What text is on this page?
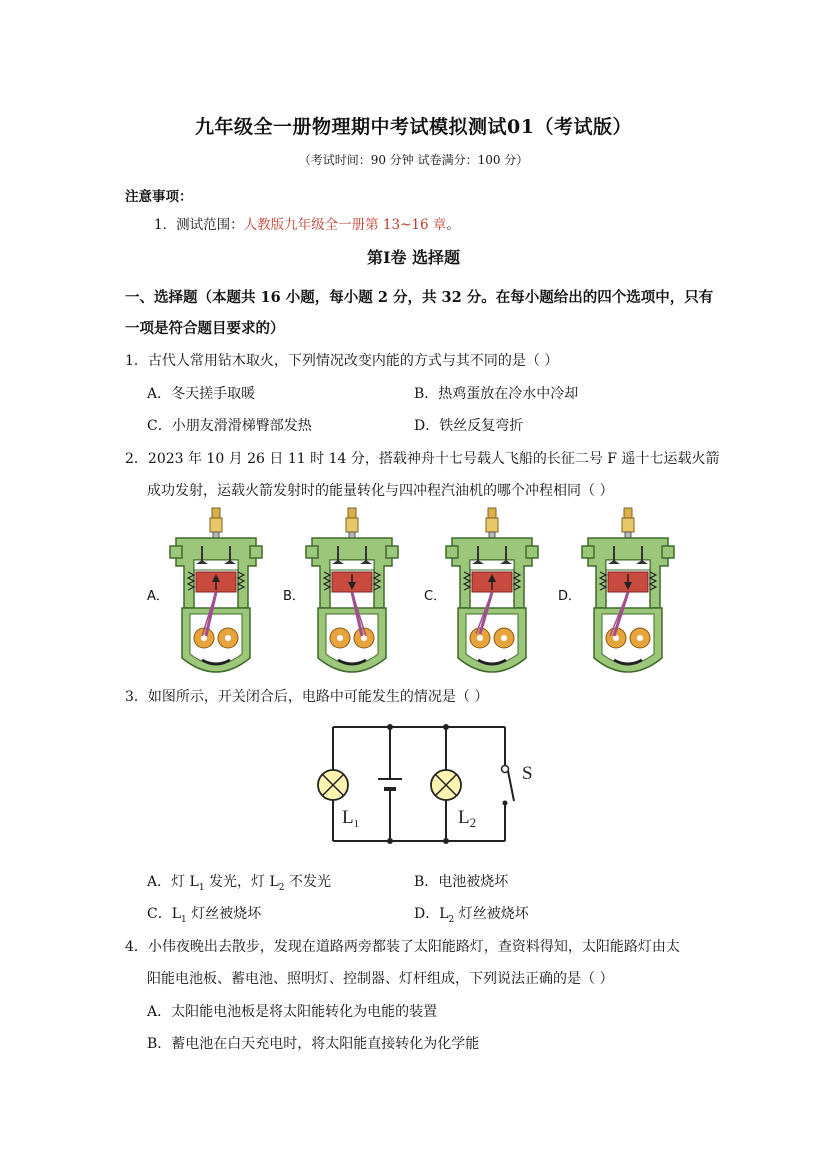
九年级全一册物理期中考试模拟测试01（考试版）
（考试时间：90 分钟 试卷满分：100 分）
注意事项：
1．测试范围：人教版九年级全一册第 13~16 章。
第Ⅰ卷 选择题
一、选择题（本题共 16 小题，每小题 2 分，共 32 分。在每小题给出的四个选项中，只有
一项是符合题目要求的）
1．古代人常用钻木取火，下列情况改变内能的方式与其不同的是（ ）
A．冬天搓手取暖	B．热鸡蛋放在冷水中冷却
C．小朋友滑滑梯臀部发热	D．铁丝反复弯折
2．2023 年 10 月 26 日 11 时 14 分，搭载神舟十七号载人飞船的长征二号 F 遥十七运载火箭
成功发射，运载火箭发射时的能量转化与四冲程汽油机的哪个冲程相同（ ）
A．	B．	C．	D．
3．如图所示，开关闭合后，电路中可能发生的情况是（ ）
S
$L_1$	$L_2$
A．灯 $L_1$ 发光，灯 $L_2$ 不发光	B．电池被烧坏
C．$L_1$ 灯丝被烧坏	D．$L_2$ 灯丝被烧坏
4．小伟夜晚出去散步，发现在道路两旁都装了太阳能路灯，查资料得知，太阳能路灯由太
阳能电池板、蓄电池、照明灯、控制器、灯杆组成，下列说法正确的是（ ）
A．太阳能电池板是将太阳能转化为电能的装置
B．蓄电池在白天充电时，将太阳能直接转化为化学能
